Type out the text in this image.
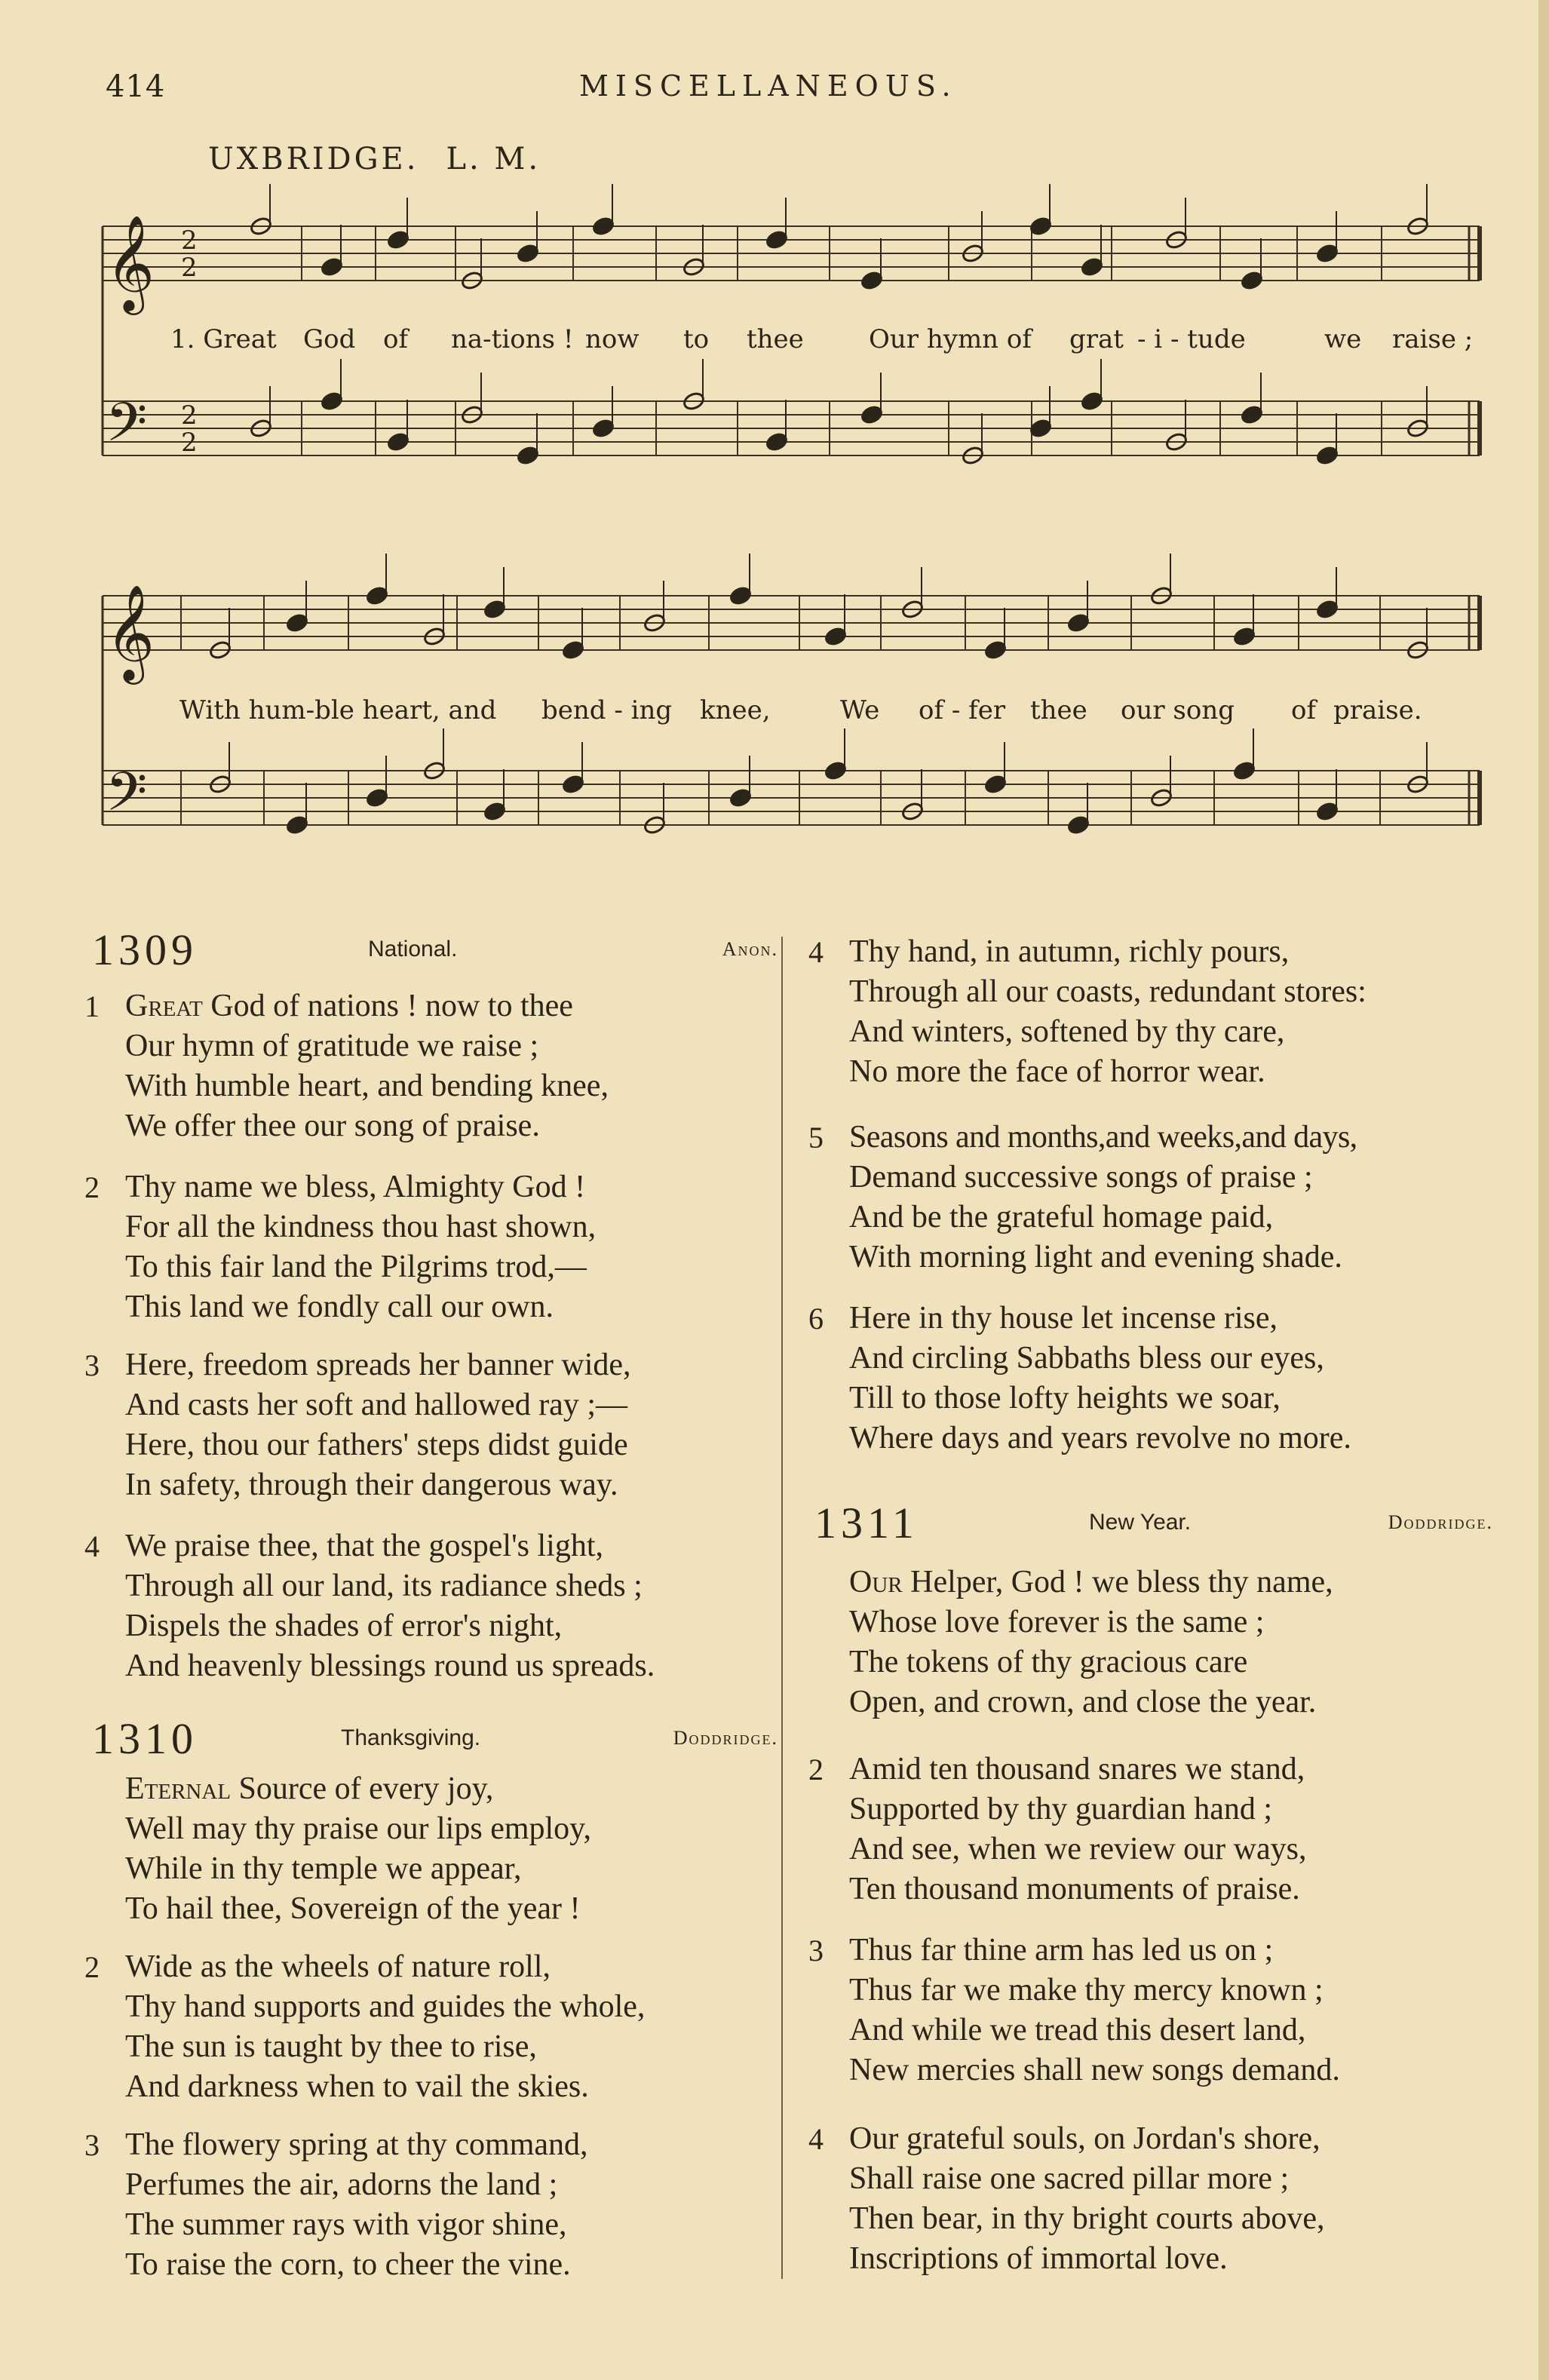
414	MISCELLANEOUS.
UXBRIDGE. L. M.
𝄞 2
2
𝄢 2
2
𝄞
𝄢
1. Great God of na-tions ! now to thee	Our hymn of grat - i - tude	we raise ;
With hum-ble heart, and bend - ing knee,	We of - fer thee our song of praise.
1309	National.	Anon.
1 Great God of nations ! now to thee
Our hymn of gratitude we raise ;
With humble heart, and bending knee,
We offer thee our song of praise.
2 Thy name we bless, Almighty God !
For all the kindness thou hast shown,
To this fair land the Pilgrims trod,—
This land we fondly call our own.
3 Here, freedom spreads her banner wide,
And casts her soft and hallowed ray ;—
Here, thou our fathers' steps didst guide
In safety, through their dangerous way.
4 We praise thee, that the gospel's light,
Through all our land, its radiance sheds ;
Dispels the shades of error's night,
And heavenly blessings round us spreads.
1310	Thanksgiving.	Doddridge.
Eternal Source of every joy,
Well may thy praise our lips employ,
While in thy temple we appear,
To hail thee, Sovereign of the year !
2 Wide as the wheels of nature roll,
Thy hand supports and guides the whole,
The sun is taught by thee to rise,
And darkness when to vail the skies.
3 The flowery spring at thy command,
Perfumes the air, adorns the land ;
The summer rays with vigor shine,
To raise the corn, to cheer the vine.
4 Thy hand, in autumn, richly pours,
Through all our coasts, redundant stores:
And winters, softened by thy care,
No more the face of horror wear.
5 Seasons and months,and weeks,and days,
Demand successive songs of praise ;
And be the grateful homage paid,
With morning light and evening shade.
6 Here in thy house let incense rise,
And circling Sabbaths bless our eyes,
Till to those lofty heights we soar,
Where days and years revolve no more.
1311	New Year.	Doddridge.
Our Helper, God ! we bless thy name,
Whose love forever is the same ;
The tokens of thy gracious care
Open, and crown, and close the year.
2 Amid ten thousand snares we stand,
Supported by thy guardian hand ;
And see, when we review our ways,
Ten thousand monuments of praise.
3 Thus far thine arm has led us on ;
Thus far we make thy mercy known ;
And while we tread this desert land,
New mercies shall new songs demand.
4 Our grateful souls, on Jordan's shore,
Shall raise one sacred pillar more ;
Then bear, in thy bright courts above,
Inscriptions of immortal love.
